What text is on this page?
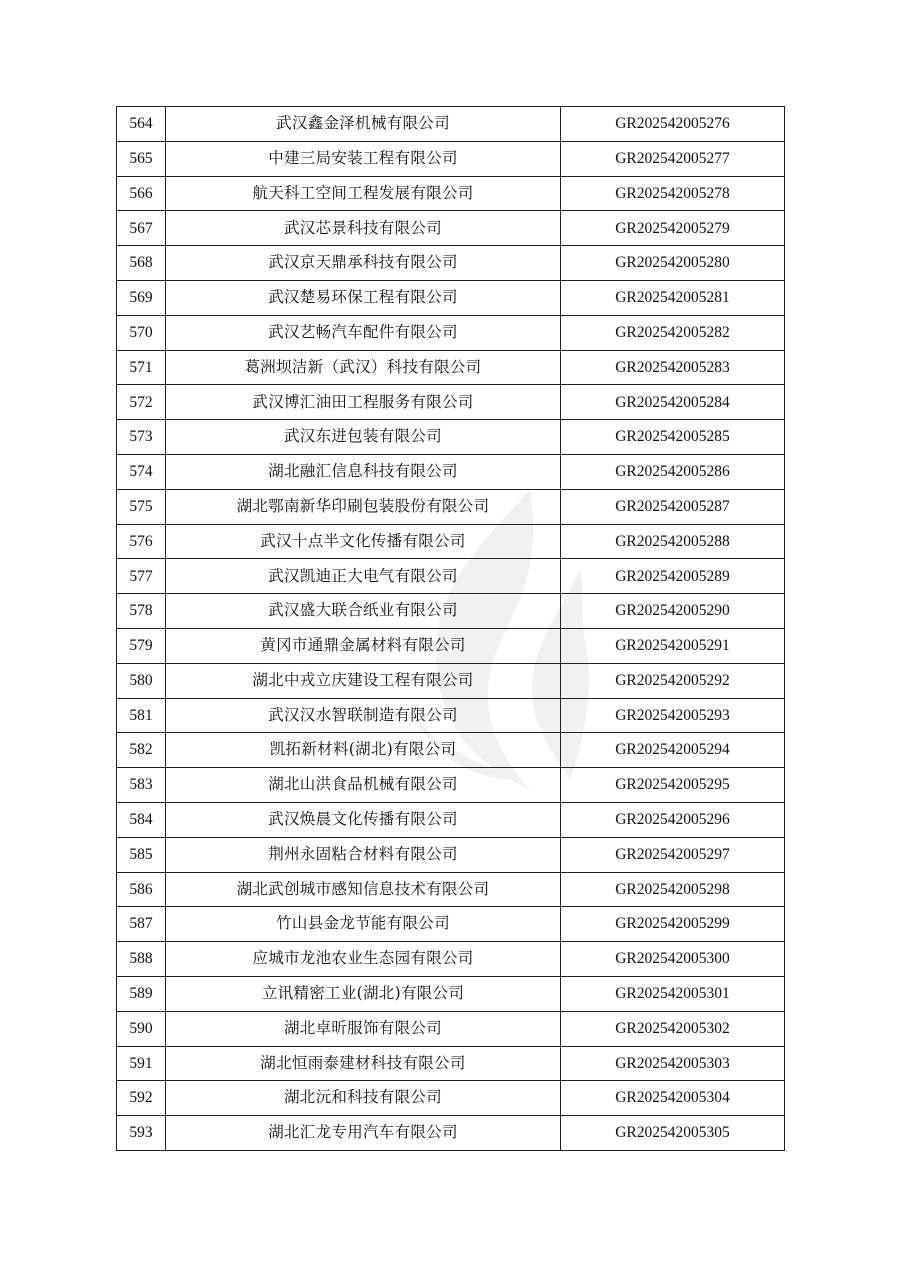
564	武汉鑫金泽机械有限公司	GR202542005276
565	中建三局安装工程有限公司	GR202542005277
566	航天科工空间工程发展有限公司	GR202542005278
567	武汉芯景科技有限公司	GR202542005279
568	武汉京天鼎承科技有限公司	GR202542005280
569	武汉楚易环保工程有限公司	GR202542005281
570	武汉艺畅汽车配件有限公司	GR202542005282
571	葛洲坝洁新（武汉）科技有限公司	GR202542005283
572	武汉博汇油田工程服务有限公司	GR202542005284
573	武汉东进包装有限公司	GR202542005285
574	湖北融汇信息科技有限公司	GR202542005286
575	湖北鄂南新华印刷包装股份有限公司	GR202542005287
576	武汉十点半文化传播有限公司	GR202542005288
577	武汉凯迪正大电气有限公司	GR202542005289
578	武汉盛大联合纸业有限公司	GR202542005290
579	黄冈市通鼎金属材料有限公司	GR202542005291
580	湖北中戎立庆建设工程有限公司	GR202542005292
581	武汉汉水智联制造有限公司	GR202542005293
582	凯拓新材料(湖北)有限公司	GR202542005294
583	湖北山洪食品机械有限公司	GR202542005295
584	武汉焕晨文化传播有限公司	GR202542005296
585	荆州永固粘合材料有限公司	GR202542005297
586	湖北武创城市感知信息技术有限公司	GR202542005298
587	竹山县金龙节能有限公司	GR202542005299
588	应城市龙池农业生态园有限公司	GR202542005300
589	立讯精密工业(湖北)有限公司	GR202542005301
590	湖北卓昕服饰有限公司	GR202542005302
591	湖北恒雨泰建材科技有限公司	GR202542005303
592	湖北沅和科技有限公司	GR202542005304
593	湖北汇龙专用汽车有限公司	GR202542005305
